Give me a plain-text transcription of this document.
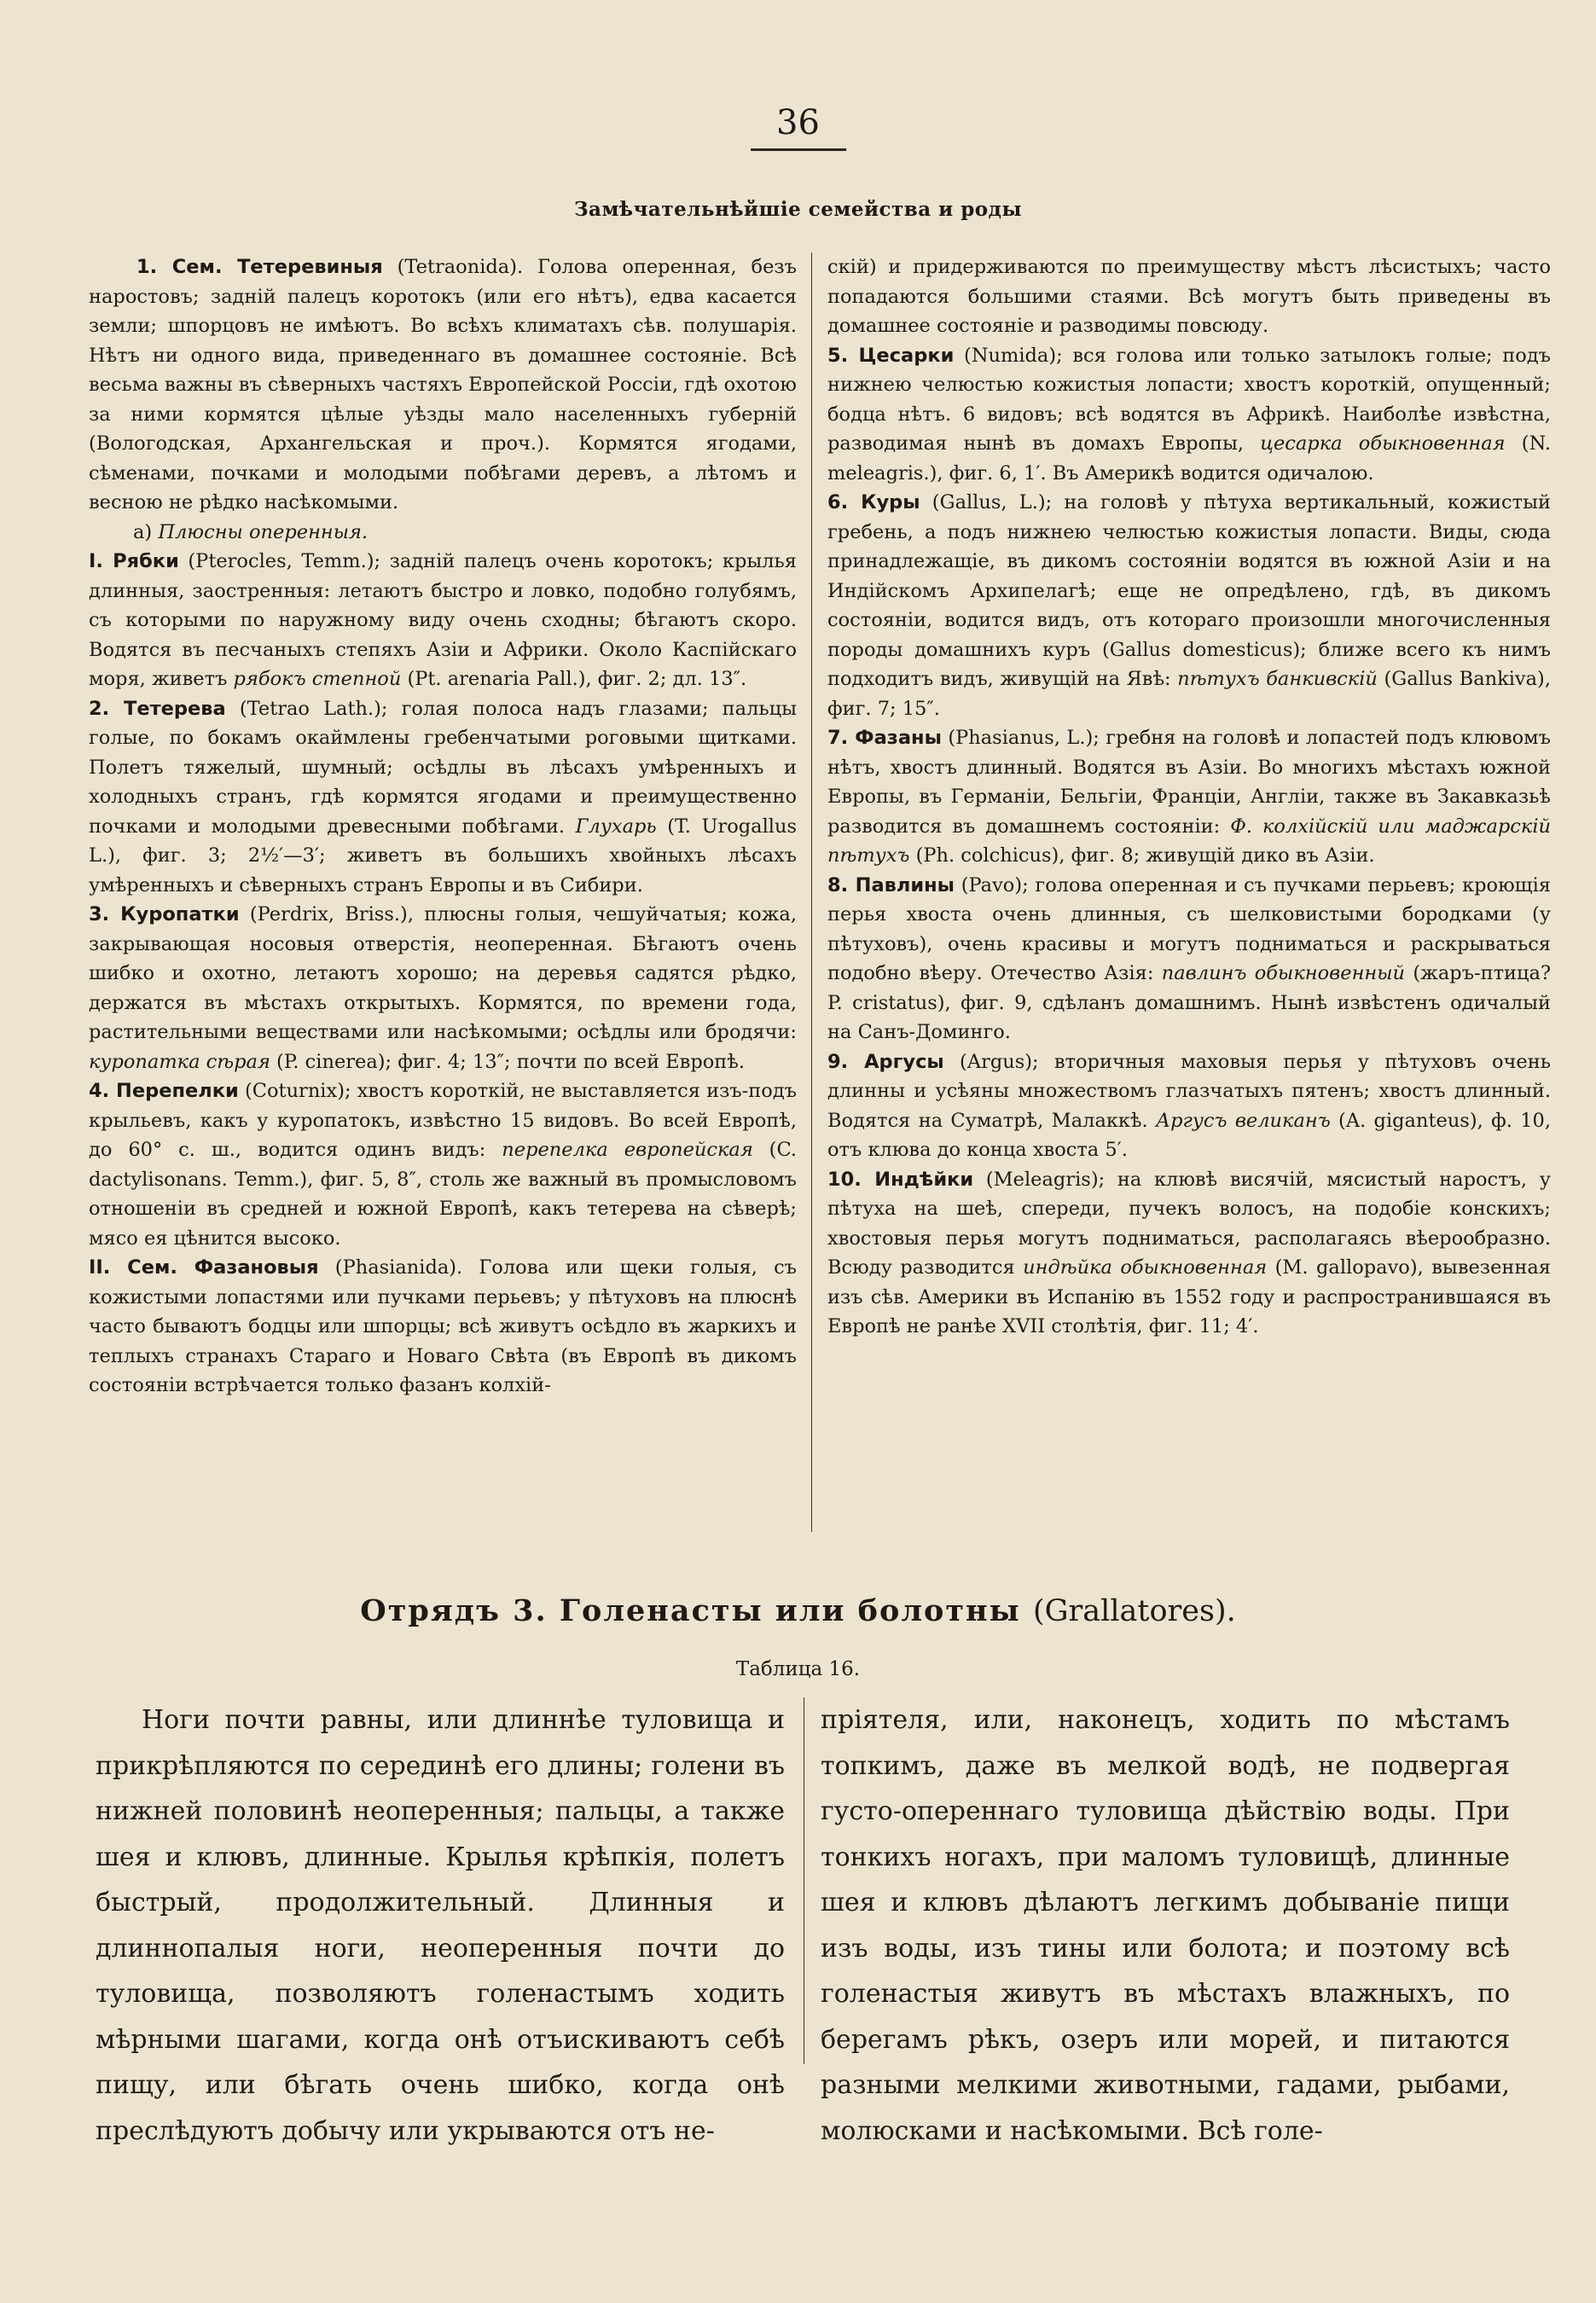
36
Замѣчательнѣйшіе семейства и роды

1. Сем. Тетеревиныя (Tetraonida). Голова оперенная, безъ наростовъ; задній палецъ коротокъ (или его нѣтъ), едва касается земли; шпорцовъ не имѣютъ. Во всѣхъ климатахъ сѣв. полушарія. Нѣтъ ни одного вида, приведеннаго въ домашнее состояніе. Всѣ весьма важны въ сѣверныхъ частяхъ Европейской Россіи, гдѣ охотою за ними кормятся цѣлые уѣзды мало населенныхъ губерній (Вологодская, Архангельская и проч.). Кормятся ягодами, сѣменами, почками и молодыми побѣгами деревъ, а лѣтомъ и весною не рѣдко насѣкомыми.

а) Плюсны оперенныя.

I. Рябки (Pterocles, Temm.); задній палецъ очень коротокъ; крылья длинныя, заостренныя: летаютъ быстро и ловко, подобно голубямъ, съ которыми по наружному виду очень сходны; бѣгаютъ скоро. Водятся въ песчаныхъ степяхъ Азіи и Африки. Около Каспійскаго моря, живетъ рябокъ степной (Pt. arenaria Pall.), фиг. 2; дл. 13″.

2. Тетерева (Tetrao Lath.); голая полоса надъ глазами; пальцы голые, по бокамъ окаймлены гребенчатыми роговыми щитками. Полетъ тяжелый, шумный; осѣдлы въ лѣсахъ умѣренныхъ и холодныхъ странъ, гдѣ кормятся ягодами и преимущественно почками и молодыми древесными побѣгами. Глухарь (T. Urogallus L.), фиг. 3; 2½′—3′; живетъ въ большихъ хвойныхъ лѣсахъ умѣренныхъ и сѣверныхъ странъ Европы и въ Сибири.

3. Куропатки (Perdrix, Briss.), плюсны голыя, чешуйчатыя; кожа, закрывающая носовыя отверстія, неоперенная. Бѣгаютъ очень шибко и охотно, летаютъ хорошо; на деревья садятся рѣдко, держатся въ мѣстахъ открытыхъ. Кормятся, по времени года, растительными веществами или насѣкомыми; осѣдлы или бродячи: куропатка сѣрая (P. cinerea); фиг. 4; 13″; почти по всей Европѣ.

4. Перепелки (Coturnix); хвостъ короткій, не выставляется изъ-подъ крыльевъ, какъ у куропатокъ, извѣстно 15 видовъ. Во всей Европѣ, до 60° с. ш., водится одинъ видъ: перепелка европейская (C. dactylisonans. Temm.), фиг. 5, 8″, столь же важный въ промысловомъ отношеніи въ средней и южной Европѣ, какъ тетерева на сѣверѣ; мясо ея цѣнится высоко.

II. Сем. Фазановыя (Phasianida). Голова или щеки голыя, съ кожистыми лопастями или пучками перьевъ; у пѣтуховъ на плюснѣ часто бываютъ бодцы или шпорцы; всѣ живутъ осѣдло въ жаркихъ и теплыхъ странахъ Стараго и Новаго Свѣта (въ Европѣ въ дикомъ состояніи встрѣчается только фазанъ колхій-

скій) и придерживаются по преимуществу мѣстъ лѣсистыхъ; часто попадаются большими стаями. Всѣ могутъ быть приведены въ домашнее состояніе и разводимы повсюду.

5. Цесарки (Numida); вся голова или только затылокъ голые; подъ нижнею челюстью кожистыя лопасти; хвостъ короткій, опущенный; бодца нѣтъ. 6 видовъ; всѣ водятся въ Африкѣ. Наиболѣе извѣстна, разводимая нынѣ въ домахъ Европы, цесарка обыкновенная (N. meleagris.), фиг. 6, 1′. Въ Америкѣ водится одичалою.

6. Куры (Gallus, L.); на головѣ у пѣтуха вертикальный, кожистый гребень, а подъ нижнею челюстью кожистыя лопасти. Виды, сюда принадлежащіе, въ дикомъ состояніи водятся въ южной Азіи и на Индійскомъ Архипелагѣ; еще не опредѣлено, гдѣ, въ дикомъ состояніи, водится видъ, отъ котораго произошли многочисленныя породы домашнихъ куръ (Gallus domesticus); ближе всего къ нимъ подходитъ видъ, живущій на Явѣ: пѣтухъ банкивскій (Gallus Bankiva), фиг. 7; 15″.

7. Фазаны (Phasianus, L.); гребня на головѣ и лопастей подъ клювомъ нѣтъ, хвостъ длинный. Водятся въ Азіи. Во многихъ мѣстахъ южной Европы, въ Германіи, Бельгіи, Франціи, Англіи, также въ Закавказьѣ разводится въ домашнемъ состояніи: Ф. колхійскій или маджарскій пѣтухъ (Ph. colchicus), фиг. 8; живущій дико въ Азіи.

8. Павлины (Pavo); голова оперенная и съ пучками перьевъ; кроющія перья хвоста очень длинныя, съ шелковистыми бородками (у пѣтуховъ), очень красивы и могутъ подниматься и раскрываться подобно вѣеру. Отечество Азія: павлинъ обыкновенный (жаръ-птица? P. cristatus), фиг. 9, сдѣланъ домашнимъ. Нынѣ извѣстенъ одичалый на Санъ-Доминго.

9. Аргусы (Argus); вторичныя маховыя перья у пѣтуховъ очень длинны и усѣяны множествомъ глазчатыхъ пятенъ; хвостъ длинный. Водятся на Суматрѣ, Малаккѣ. Аргусъ великанъ (A. giganteus), ф. 10, отъ клюва до конца хвоста 5′.

10. Индѣйки (Meleagris); на клювѣ висячій, мясистый наростъ, у пѣтуха на шеѣ, спереди, пучекъ волосъ, на подобіе конскихъ; хвостовыя перья могутъ подниматься, располагаясь вѣерообразно. Всюду разводится индѣйка обыкновенная (M. gallopavo), вывезенная изъ сѣв. Америки въ Испанію въ 1552 году и распространившаяся въ Европѣ не ранѣе XVII столѣтія, фиг. 11; 4′.

Отрядъ 3. Голенасты или болотны (Grallatores).
Таблица 16.

Ноги почти равны, или длиннѣе туловища и прикрѣпляются по серединѣ его длины; голени въ нижней половинѣ неоперенныя; пальцы, а также шея и клювъ, длинные. Крылья крѣпкія, полетъ быстрый, продолжительный. Длинныя и длиннопалыя ноги, неоперенныя почти до туловища, позволяютъ голенастымъ ходить мѣрными шагами, когда онѣ отъискиваютъ себѣ пищу, или бѣгать очень шибко, когда онѣ преслѣдуютъ добычу или укрываются отъ не-

пріятеля, или, наконецъ, ходить по мѣстамъ топкимъ, даже въ мелкой водѣ, не подвергая густо-опереннаго туловища дѣйствію воды. При тонкихъ ногахъ, при маломъ туловищѣ, длинные шея и клювъ дѣлаютъ легкимъ добываніе пищи изъ воды, изъ тины или болота; и поэтому всѣ голенастыя живутъ въ мѣстахъ влажныхъ, по берегамъ рѣкъ, озеръ или морей, и питаются разными мелкими животными, гадами, рыбами, молюсками и насѣкомыми. Всѣ голе-
